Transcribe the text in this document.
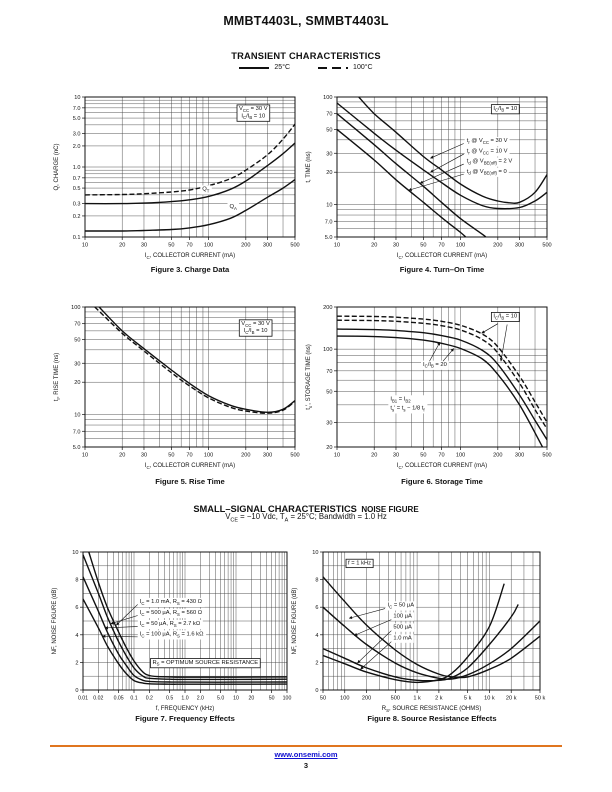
MMBT4403L, SMMBT4403L
TRANSIENT CHARACTERISTICS
25°C	100°C
10	20	30	50 70 100	200 300	500
0.1
0.2
0.3
0.5
0.7
1.0
2.0
3.0
5.0
7.0
10
$I_C$, COLLECTOR CURRENT (mA)
Q, CHARGE (nC)
$V_{CC} = 30$ V $I_C/I_B = 10$
$Q_T$
$Q_A$
10	20	30	50 70 100	200 300	500
5.0
7.0
10
20
30
50
70
100
$I_C$, COLLECTOR CURRENT (mA)
t, TIME (ns)
$I_C/I_B = 10$
$t_r$ @ $V_{CC} = 30$ V
$t_r$ @ $V_{CC} = 10$ V
$t_d$ @ $V_{BE(off)} = 2$ V
$t_d$ @ $V_{BE(off)} = 0$
10	20	30	50 70 100	200 300	500
5.0
7.0
10
20
30
50
70
100
$I_C$, COLLECTOR CURRENT (mA)
$t_r$, RISE TIME (ns)
$V_{CC} = 30$ V $I_C/I_B = 10$
10	20	30	50 70 100	200 300	500
20
30
50
70
100
200
$I_C$, COLLECTOR CURRENT (mA)
$t_s'$, STORAGE TIME (ns)
$I_C/I_B = 10$
$I_C/I_B = 20$
$I_{B1} = I_{B2}$ $t_s' = t_s - 1/8$ $t_f$
Figure 3. Charge Data	Figure 4. Turn–On Time
Figure 5. Rise Time	Figure 6. Storage Time
SMALL–SIGNAL CHARACTERISTICS NOISE FIGURE
$V_{CE} = -10$ Vdc, $T_A = 25^\circ C$; Bandwidth = 1.0 Hz
0.01 0.02 0.05 0.1 0.2	0.5 1.0 2.0	5.0 10 20	50 100
0
2
4
6
8
10
f, FREQUENCY (kHz)
NF, NOISE FIGURE (dB)	$I_C = 1.0$ mA, $R_S = 430$ Ω
$I_C = 500$ µA, $R_S = 560$ Ω
$I_C = 50$ µA, $R_S = 2.7$ kΩ
$I_C = 100$ µA, $R_S = 1.6$ kΩ
$R_S$ = OPTIMUM SOURCE RESISTANCE
50 100 200	500 1 k	2 k	5 k 10 k 20 k	50 k
0
2
4
6
8
10
$R_S$, SOURCE RESISTANCE (OHMS)
NF, NOISE FIGURE (dB)
f = 1 kHz
$I_C = 50$ µA
100 µA
500 µA
1.0 mA
Figure 7. Frequency Effects	Figure 8. Source Resistance Effects
www.onsemi.com
3
